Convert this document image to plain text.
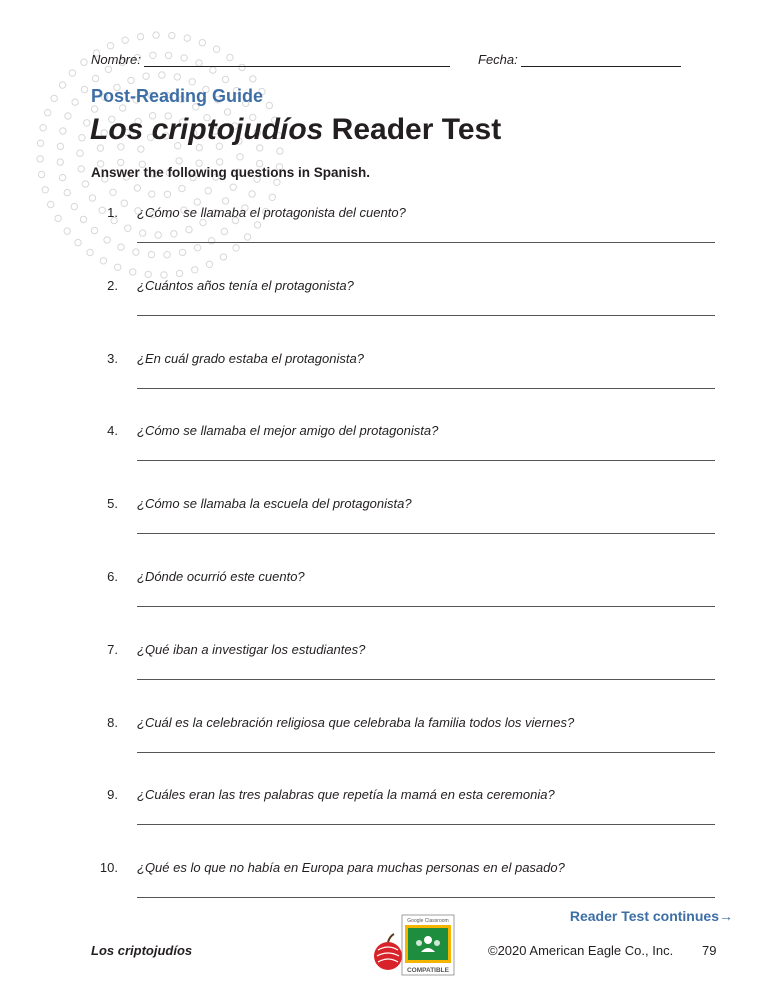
Nombre:	Fecha:
Post-Reading Guide
Los criptojudíos Reader Test
Answer the following questions in Spanish.
1. ¿Cómo se llamaba el protagonista del cuento?
2. ¿Cuántos años tenía el protagonista?
3. ¿En cuál grado estaba el protagonista?
4. ¿Cómo se llamaba el mejor amigo del protagonista?
5. ¿Cómo se llamaba la escuela del protagonista?
6. ¿Dónde ocurrió este cuento?
7. ¿Qué iban a investigar los estudiantes?
8. ¿Cuál es la celebración religiosa que celebraba la familia todos los viernes?
9. ¿Cuáles eran las tres palabras que repetía la mamá en esta ceremonia?
10. ¿Qué es lo que no había en Europa para muchas personas en el pasado?
Reader Test continues→
Los criptojudíos
Google Classroom
COMPATIBLE
©2020 American Eagle Co., Inc. 79
